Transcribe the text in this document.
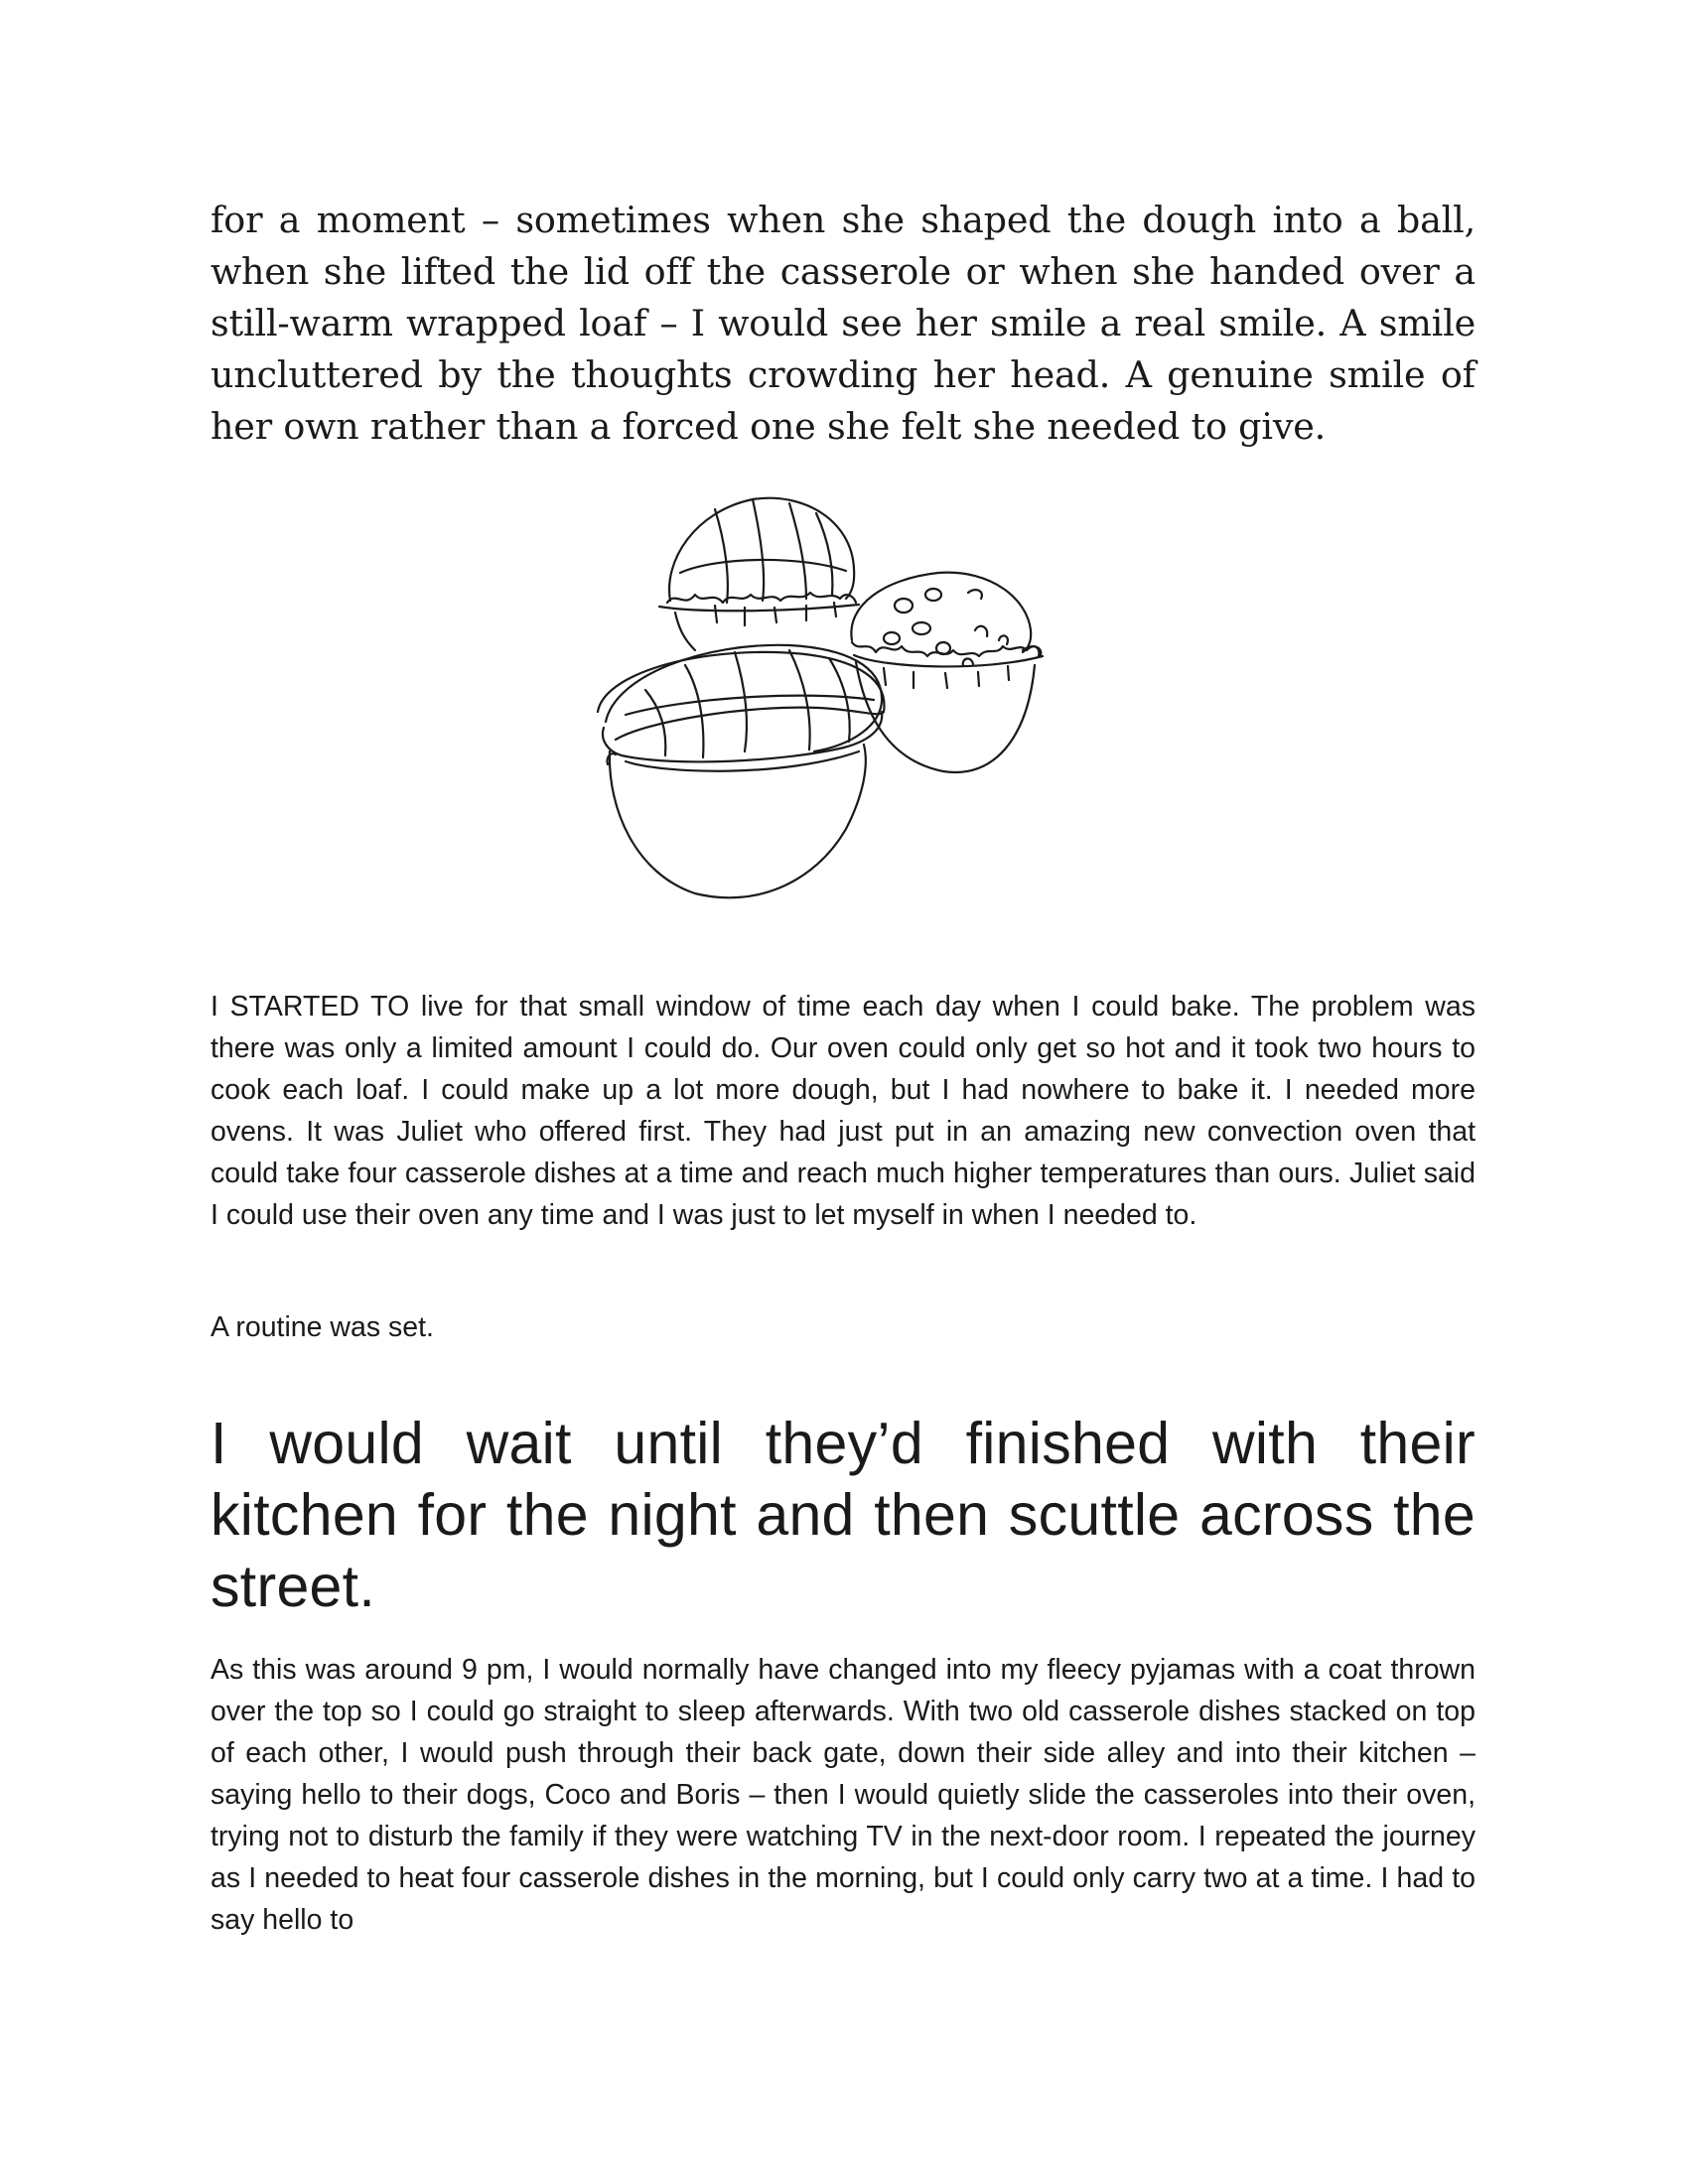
for a moment – sometimes when she shaped the dough into a ball, when she lifted the lid off the casserole or when she handed over a still-warm wrapped loaf – I would see her smile a real smile. A smile uncluttered by the thoughts crowding her head. A genuine smile of her own rather than a forced one she felt she needed to give.

I STARTED TO live for that small window of time each day when I could bake. The problem was there was only a limited amount I could do. Our oven could only get so hot and it took two hours to cook each loaf. I could make up a lot more dough, but I had nowhere to bake it. I needed more ovens. It was Juliet who offered first. They had just put in an amazing new convection oven that could take four casserole dishes at a time and reach much higher temperatures than ours. Juliet said I could use their oven any time and I was just to let myself in when I needed to.

A routine was set.

I would wait until they’d finished with their kitchen for the night and then scuttle across the street.

As this was around 9 pm, I would normally have changed into my fleecy pyjamas with a coat thrown over the top so I could go straight to sleep afterwards. With two old casserole dishes stacked on top of each other, I would push through their back gate, down their side alley and into their kitchen – saying hello to their dogs, Coco and Boris – then I would quietly slide the casseroles into their oven, trying not to disturb the family if they were watching TV in the next-door room. I repeated the journey as I needed to heat four casserole dishes in the morning, but I could only carry two at a time. I had to say hello to
